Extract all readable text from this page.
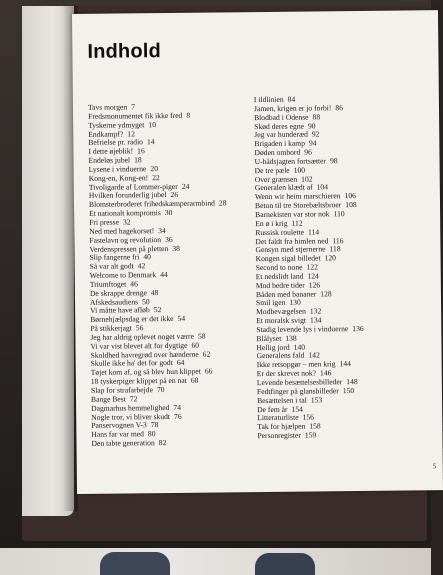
Indhold
Tavs morgen 7
Fredsmonumentet fik ikke fred 8
Tyskerne ydmyget 10
Endkampf? 12
Befrielse pr. radio 14
I dette øjeblik! 16
Endeløs jubel 18
Lysene i vinduerne 20
Kong-en, Kong-en! 22
Tivoligarde af Lommer-piger 24
Hvilken forunderlig jubel 26
Blomsterbroderet frihedskæmperarmbind 28
Et nationalt kompromis 30
Fri presse 32
Ned med hagekorset! 34
Fastelavn og revolution 36
Verdenspressen på pletten 38
Slip fangerne fri 40
Så var alt godt 42
Welcome to Denmark 44
Triumftoget 46
De skrappe drenge 48
Afskedsaudiens 50
Vi måtte have afløb 52
Børnehjælpsdag er det ikke 54
På stikkerjagt 56
Jeg har aldrig oplevet noget værre 58
Vi var vist blevet alt for dygtige 60
Skoldhed havregrød over hænderne 62
Skulle ikke ha' det for godt 64
Tøjet kom af, og så blev hun klippet 66
18 tyskerpiger klippet på en nat 68
Slap for strafarbejde 70
Bange Best 72
Dagmarhus hemmelighed 74
Nogle tror, vi bliver skudt 76
Panservognen V-3 78
Hans far var med 80
Den tabte generation 82
I ildlinien 84
Jamen, krigen er jo forbi! 86
Blodbad i Odense 88
Skød deres egne 90
Jeg var hunderæd 92
Brigaden i kamp 94
Døden ombord 96
U-bådsjagten fortsætter 98
De tre pæle 100
Over grænsen 102
Generalen klædt af 104
Wenn wir heim marschieren 106
Beton til tre Storebæltsbroer 108
Barnekisten var stor nok 110
En ø i krig 112
Russisk roulette 114
Det faldt fra himlen ned 116
Gensyn med stjernerne 118
Kongen sigal billedet 120
Second to none 122
Et nedslidt land 124
Mod bedre tider 126
Båden med bananer 128
Smil igen 130
Modbevægelsen 132
Et moralsk svigt 134
Stadig levende lys i vinduerne 136
Blålyset 138
Hellig jord 140
Generalens fald 142
Ikke retsopgør – men krig 144
Er der skrevet nok? 146
Levende besættelsesbilleder 148
Fedtfinger på glansbilleder 150
Besættelsen i tal 153
De fem år 154
Litteraturliste 156
Tak for hjælpen 158
Personregister 159
5
